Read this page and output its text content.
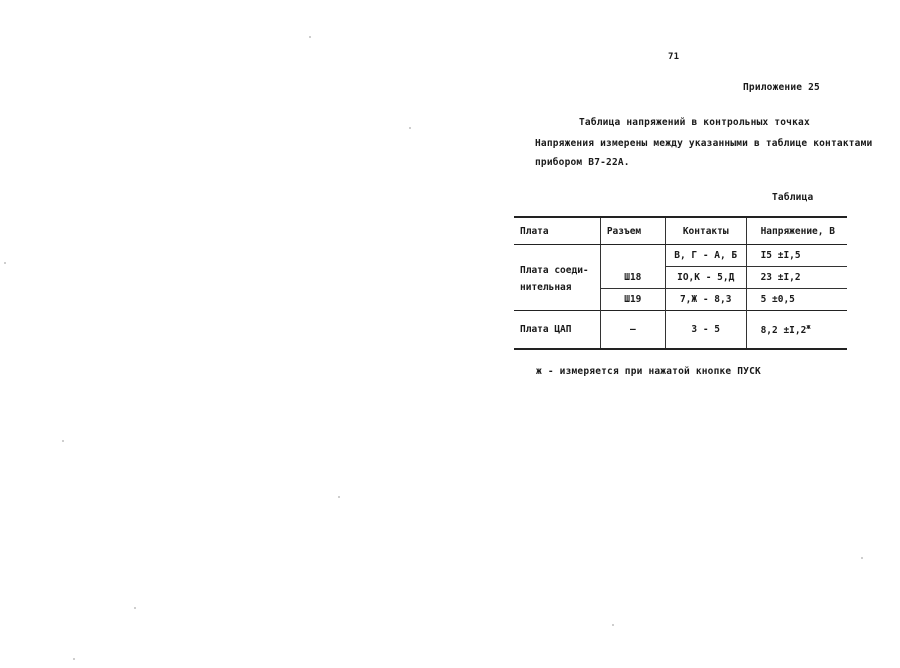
71
Приложение 25
Таблица напряжений в контрольных точках
Напряжения измерены между указанными в таблице контактами
прибором В7-22А.
Таблица
Плата	Разъем	Контакты	Напряжение, В

Плата соеди-
нительная		В, Г - А, Б	I5 ±I,5
	Ш18	IO,К - 5,Д	23 ±I,2
	Ш19	7,Ж - 8,3	5 ±0,5
Плата ЦАП	–	3 - 5	$8,2 \pm I,2^ж$
ж - измеряется при нажатой кнопке ПУСК
